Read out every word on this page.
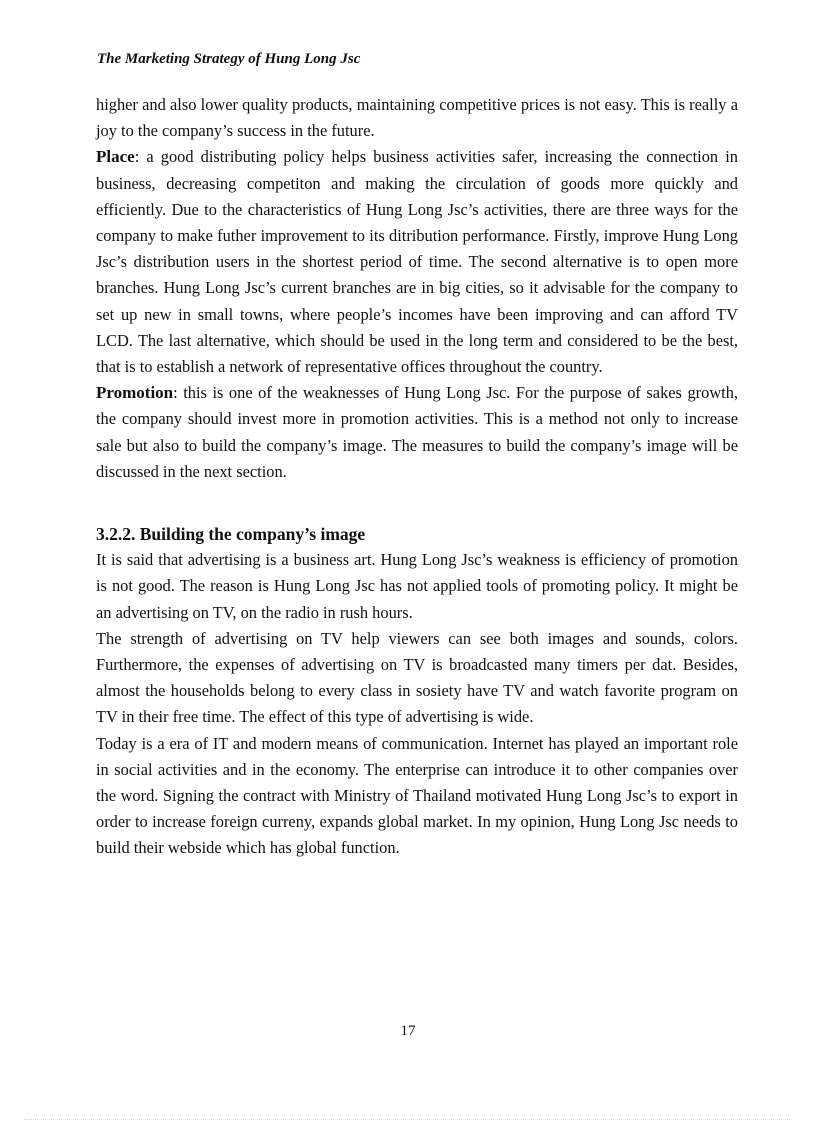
The Marketing Strategy of Hung Long Jsc

higher and also lower quality products, maintaining competitive prices is not easy. This is really a joy to the company’s success in the future.

Place: a good distributing policy helps business activities safer, increasing the connection in business, decreasing competiton and making the circulation of goods more quickly and efficiently. Due to the characteristics of Hung Long Jsc’s activities, there are three ways for the company to make futher improvement to its ditribution performance. Firstly, improve Hung Long Jsc’s distribution users in the shortest period of time. The second alternative is to open more branches. Hung Long Jsc’s current branches are in big cities, so it advisable for the company to set up new in small towns, where people’s incomes have been improving and can afford TV LCD. The last alternative, which should be used in the long term and considered to be the best, that is to establish a network of representative offices throughout the country.

Promotion: this is one of the weaknesses of Hung Long Jsc. For the purpose of sakes growth, the company should invest more in promotion activities. This is a method not only to increase sale but also to build the company’s image. The measures to build the company’s image will be discussed in the next section.

3.2.2. Building the company’s image

It is said that advertising is a business art. Hung Long Jsc’s weakness is efficiency of promotion is not good. The reason is Hung Long Jsc has not applied tools of promoting policy. It might be an advertising on TV, on the radio in rush hours.

The strength of advertising on TV help viewers can see both images and sounds, colors. Furthermore, the expenses of advertising on TV is broadcasted many timers per dat. Besides, almost the households belong to every class in sosiety have TV and watch favorite program on TV in their free time. The effect of this type of advertising is wide.

Today is a era of IT and modern means of communication. Internet has played an important role in social activities and in the economy. The enterprise can introduce it to other companies over the word. Signing the contract with Ministry of Thailand motivated Hung Long Jsc’s to export in order to increase foreign curreny, expands global market. In my opinion, Hung Long Jsc needs to build their webside which has global function.

17
